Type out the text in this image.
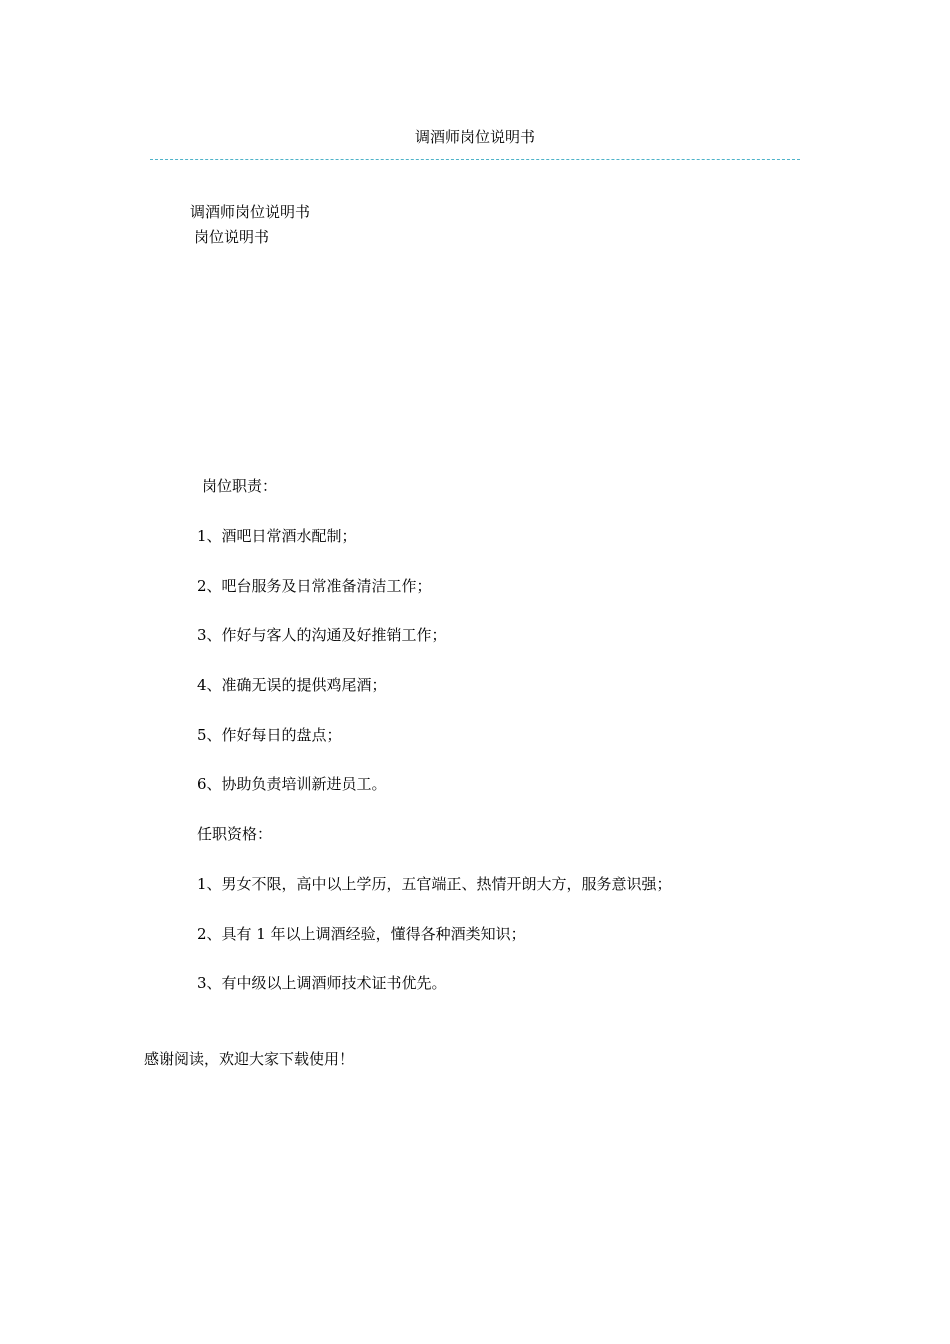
调酒师岗位说明书
调酒师岗位说明书
岗位说明书
岗位职责：
1、酒吧日常酒水配制；
2、吧台服务及日常准备清洁工作；
3、作好与客人的沟通及好推销工作；
4、准确无误的提供鸡尾酒；
5、作好每日的盘点；
6、协助负责培训新进员工。
任职资格：
1、男女不限，高中以上学历，五官端正、热情开朗大方，服务意识强；
2、具有 1 年以上调酒经验，懂得各种酒类知识；
3、有中级以上调酒师技术证书优先。
感谢阅读，欢迎大家下载使用！
